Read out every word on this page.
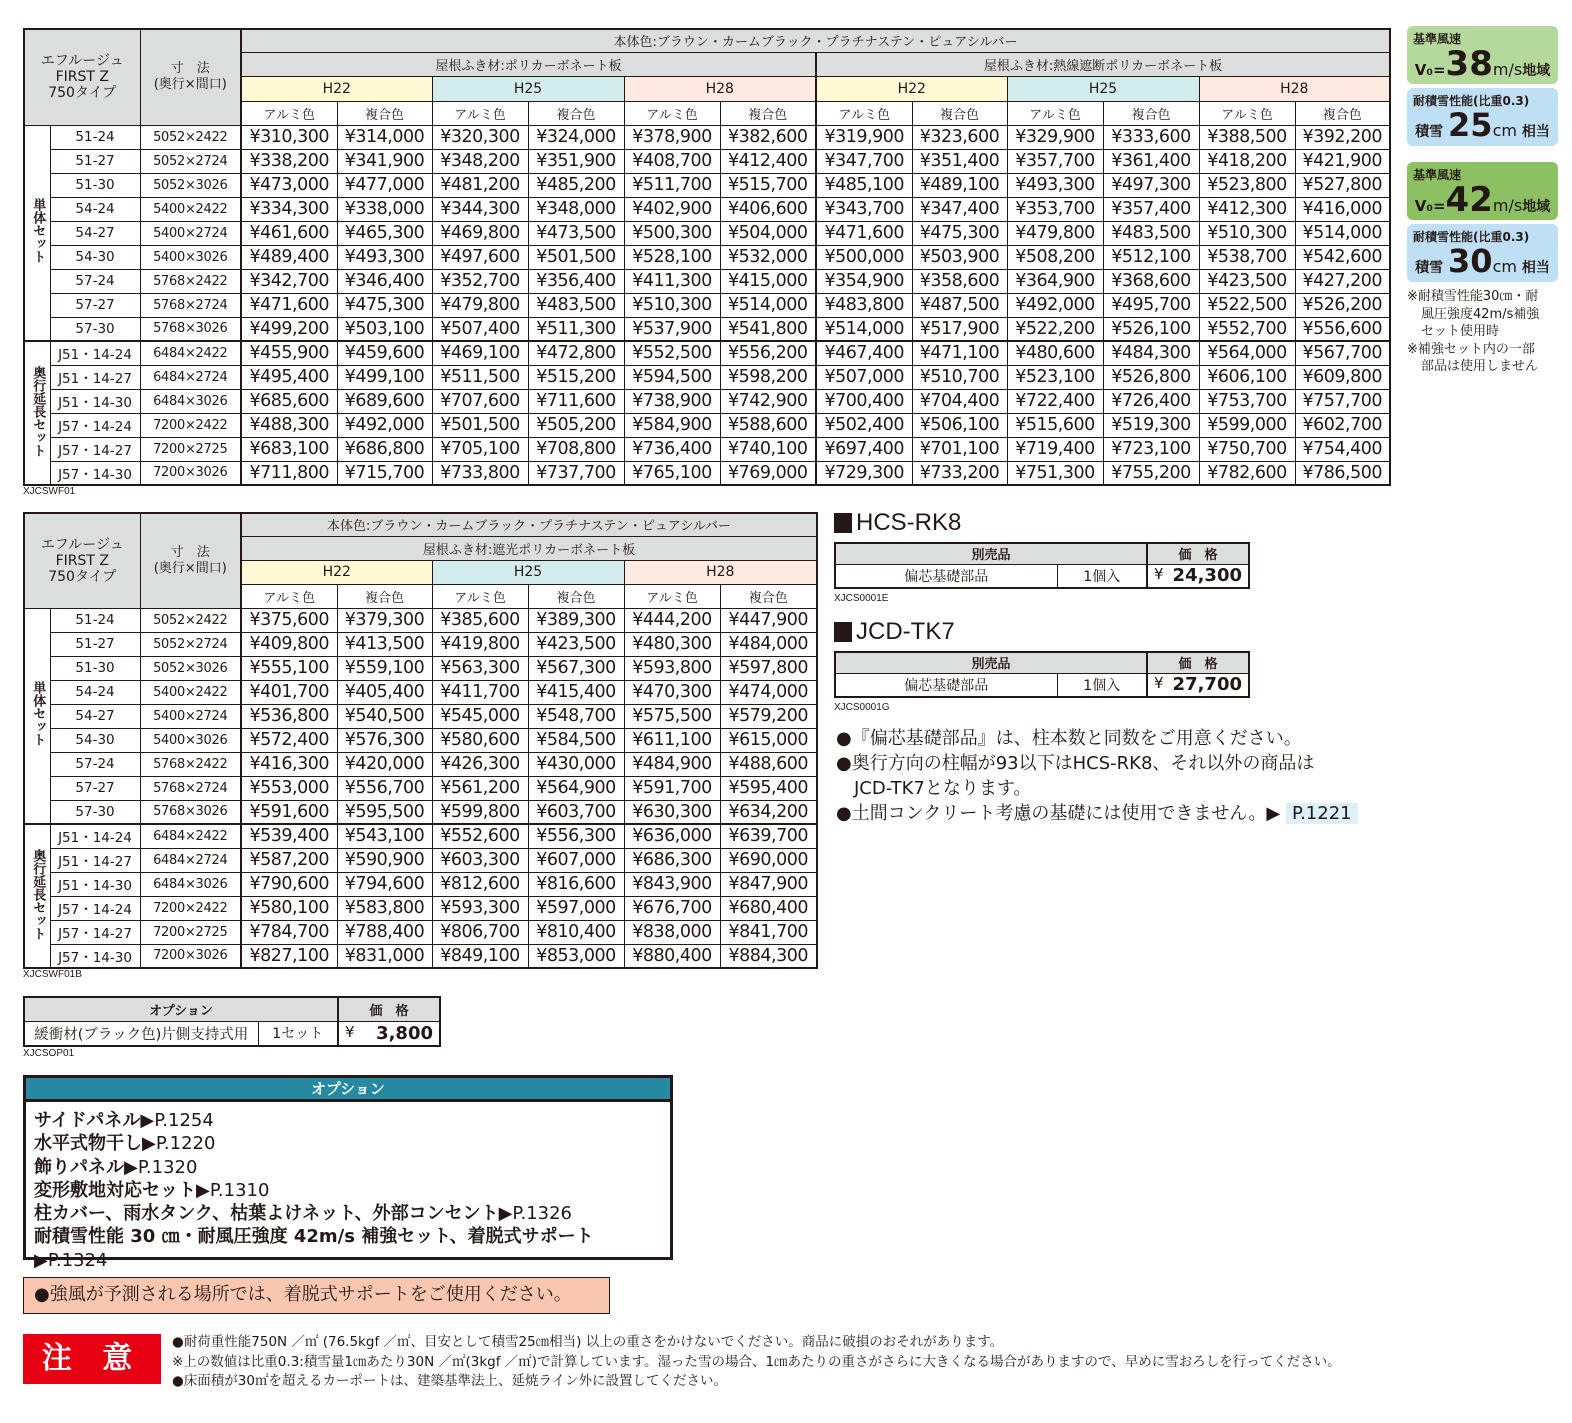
エフルージュ
FIRST Z
750タイプ

寸　法
(奥行×間口)
	本体色:ブラウン・カームブラック・プラチナステン・ピュアシルバー
			屋根ふき材:ポリカーボネート板						屋根ふき材:熱線遮断ポリカーボネート板					
			H22		H25		H28		H22		H25		H28	
			アルミ色	複合色	アルミ色	複合色	アルミ色	複合色	アルミ色	複合色	アルミ色	複合色	アルミ色	複合色
単体セット	51-24	5052×2422	¥310,300	¥314,000	¥320,300	¥324,000	¥378,900	¥382,600	¥319,900	¥323,600	¥329,900	¥333,600	¥388,500	¥392,200
	51-27	5052×2724	¥338,200	¥341,900	¥348,200	¥351,900	¥408,700	¥412,400	¥347,700	¥351,400	¥357,700	¥361,400	¥418,200	¥421,900
	51-30	5052×3026	¥473,000	¥477,000	¥481,200	¥485,200	¥511,700	¥515,700	¥485,100	¥489,100	¥493,300	¥497,300	¥523,800	¥527,800
	54-24	5400×2422	¥334,300	¥338,000	¥344,300	¥348,000	¥402,900	¥406,600	¥343,700	¥347,400	¥353,700	¥357,400	¥412,300	¥416,000
	54-27	5400×2724	¥461,600	¥465,300	¥469,800	¥473,500	¥500,300	¥504,000	¥471,600	¥475,300	¥479,800	¥483,500	¥510,300	¥514,000
	54-30	5400×3026	¥489,400	¥493,300	¥497,600	¥501,500	¥528,100	¥532,000	¥500,000	¥503,900	¥508,200	¥512,100	¥538,700	¥542,600
	57-24	5768×2422	¥342,700	¥346,400	¥352,700	¥356,400	¥411,300	¥415,000	¥354,900	¥358,600	¥364,900	¥368,600	¥423,500	¥427,200
	57-27	5768×2724	¥471,600	¥475,300	¥479,800	¥483,500	¥510,300	¥514,000	¥483,800	¥487,500	¥492,000	¥495,700	¥522,500	¥526,200
	57-30	5768×3026	¥499,200	¥503,100	¥507,400	¥511,300	¥537,900	¥541,800	¥514,000	¥517,900	¥522,200	¥526,100	¥552,700	¥556,600
奥行延長セット	J51・14-24	6484×2422	¥455,900	¥459,600	¥469,100	¥472,800	¥552,500	¥556,200	¥467,400	¥471,100	¥480,600	¥484,300	¥564,000	¥567,700
	J51・14-27	6484×2724	¥495,400	¥499,100	¥511,500	¥515,200	¥594,500	¥598,200	¥507,000	¥510,700	¥523,100	¥526,800	¥606,100	¥609,800
	J51・14-30	6484×3026	¥685,600	¥689,600	¥707,600	¥711,600	¥738,900	¥742,900	¥700,400	¥704,400	¥722,400	¥726,400	¥753,700	¥757,700
	J57・14-24	7200×2422	¥488,300	¥492,000	¥501,500	¥505,200	¥584,900	¥588,600	¥502,400	¥506,100	¥515,600	¥519,300	¥599,000	¥602,700
	J57・14-27	7200×2725	¥683,100	¥686,800	¥705,100	¥708,800	¥736,400	¥740,100	¥697,400	¥701,100	¥719,400	¥723,100	¥750,700	¥754,400
	J57・14-30	7200×3026	¥711,800	¥715,700	¥733,800	¥737,700	¥765,100	¥769,000	¥729,300	¥733,200	¥751,300	¥755,200	¥782,600	¥786,500
XJCSWF01
基準風速
V₀=38m/s地域
耐積雪性能(比重0.3)
積雪 25cm 相当
基準風速
V₀=42m/s地域
耐積雪性能(比重0.3)
積雪 30cm 相当
※耐積雪性能30㎝・耐
風圧強度42m/s補強
セット使用時
※補強セット内の一部
部品は使用しません
エフルージュ
FIRST Z
750タイプ

寸　法
(奥行×間口)
	本体色:ブラウン・カームブラック・プラチナステン・ピュアシルバー
			屋根ふき材:遮光ポリカーボネート板					
			H22		H25		H28	
			アルミ色	複合色	アルミ色	複合色	アルミ色	複合色
単体セット	51-24	5052×2422	¥375,600	¥379,300	¥385,600	¥389,300	¥444,200	¥447,900
	51-27	5052×2724	¥409,800	¥413,500	¥419,800	¥423,500	¥480,300	¥484,000
	51-30	5052×3026	¥555,100	¥559,100	¥563,300	¥567,300	¥593,800	¥597,800
	54-24	5400×2422	¥401,700	¥405,400	¥411,700	¥415,400	¥470,300	¥474,000
	54-27	5400×2724	¥536,800	¥540,500	¥545,000	¥548,700	¥575,500	¥579,200
	54-30	5400×3026	¥572,400	¥576,300	¥580,600	¥584,500	¥611,100	¥615,000
	57-24	5768×2422	¥416,300	¥420,000	¥426,300	¥430,000	¥484,900	¥488,600
	57-27	5768×2724	¥553,000	¥556,700	¥561,200	¥564,900	¥591,700	¥595,400
	57-30	5768×3026	¥591,600	¥595,500	¥599,800	¥603,700	¥630,300	¥634,200
奥行延長セット	J51・14-24	6484×2422	¥539,400	¥543,100	¥552,600	¥556,300	¥636,000	¥639,700
	J51・14-27	6484×2724	¥587,200	¥590,900	¥603,300	¥607,000	¥686,300	¥690,000
	J51・14-30	6484×3026	¥790,600	¥794,600	¥812,600	¥816,600	¥843,900	¥847,900
	J57・14-24	7200×2422	¥580,100	¥583,800	¥593,300	¥597,000	¥676,700	¥680,400
	J57・14-27	7200×2725	¥784,700	¥788,400	¥806,700	¥810,400	¥838,000	¥841,700
	J57・14-30	7200×3026	¥827,100	¥831,000	¥849,100	¥853,000	¥880,400	¥884,300
XJCSWF01B
オプション		価　格
緩衝材(ブラック色)片側支持式用	1セット	¥ 3,800
XJCSOP01
オプション
サイドパネル▶P.1254
水平式物干し▶P.1220
飾りパネル▶P.1320
変形敷地対応セット▶P.1310
柱カバー、雨水タンク、枯葉よけネット、外部コンセント▶P.1326
耐積雪性能 30 ㎝・耐風圧強度 42m/s 補強セット、着脱式サポート▶P.1324
●強風が予測される場所では、着脱式サポートをご使用ください。
注 意	●耐荷重性能750N ／㎡ (76.5kgf ／㎡、目安として積雪25㎝相当) 以上の重さをかけないでください。商品に破損のおそれがあります。
※上の数値は比重0.3:積雪量1㎝あたり30N ／㎡(3kgf ／㎡)で計算しています。湿った雪の場合、1㎝あたりの重さがさらに大きくなる場合がありますので、早めに雪おろしを行ってください。
●床面積が30㎡を超えるカーポートは、建築基準法上、延焼ライン外に設置してください。
HCS-RK8
別売品		価　格
偏芯基礎部品	1個入	¥ 24,300
XJCS0001E
JCD-TK7
別売品		価　格
偏芯基礎部品	1個入	¥ 27,700
XJCS0001G
●『偏芯基礎部品』は、柱本数と同数をご用意ください。
●奥行方向の柱幅が93以下はHCS-RK8、それ以外の商品は
JCD-TK7となります。
●土間コンクリート考慮の基礎には使用できません。▶ P.1221
